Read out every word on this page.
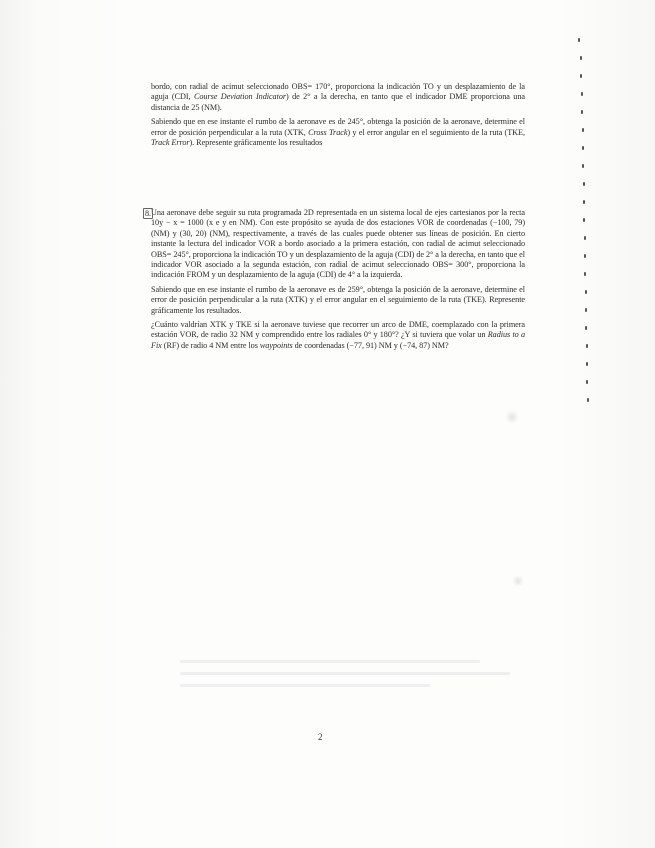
bordo, con radial de acimut seleccionado OBS= 170°, proporciona la indicación TO y un desplazamiento de la aguja (CDI, Course Deviation Indicator) de 2° a la derecha, en tanto que el indicador DME proporciona una distancia de 25 (NM).

Sabiendo que en ese instante el rumbo de la aeronave es de 245°, obtenga la posición de la aeronave, determine el error de posición perpendicular a la ruta (XTK, Cross Track) y el error angular en el seguimiento de la ruta (TKE, Track Error). Represente gráficamente los resultados

8. Una aeronave debe seguir su ruta programada 2D representada en un sistema local de ejes cartesianos por la recta 10y − x = 1000 (x e y en NM). Con este propósito se ayuda de dos estaciones VOR de coordenadas (−100, 79) (NM) y (30, 20) (NM), respectivamente, a través de las cuales puede obtener sus líneas de posición. En cierto instante la lectura del indicador VOR a bordo asociado a la primera estación, con radial de acimut seleccionado OBS= 245°, proporciona la indicación TO y un desplazamiento de la aguja (CDI) de 2° a la derecha, en tanto que el indicador VOR asociado a la segunda estación, con radial de acimut seleccionado OBS= 300°, proporciona la indicación FROM y un desplazamiento de la aguja (CDI) de 4° a la izquierda.

Sabiendo que en ese instante el rumbo de la aeronave es de 259°, obtenga la posición de la aeronave, determine el error de posición perpendicular a la ruta (XTK) y el error angular en el seguimiento de la ruta (TKE). Represente gráficamente los resultados.

¿Cuánto valdrían XTK y TKE si la aeronave tuviese que recorrer un arco de DME, coemplazado con la primera estación VOR, de radio 32 NM y comprendido entre los radiales 0° y 180°? ¿Y si tuviera que volar un Radius to a Fix (RF) de radio 4 NM entre los waypoints de coordenadas (−77, 91) NM y (−74, 87) NM?

2
